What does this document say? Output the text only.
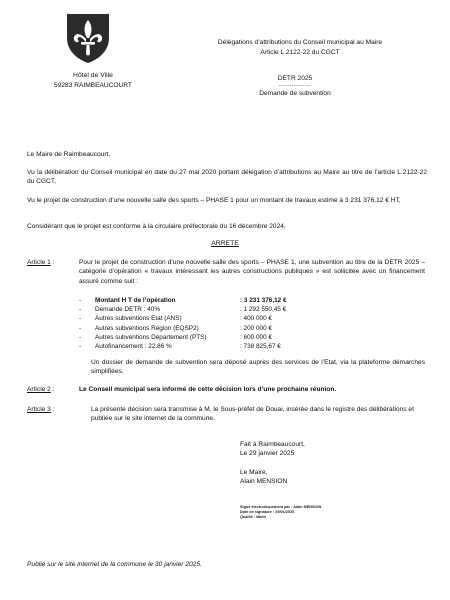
Hôtel de Ville
59283 RAIMBEAUCOURT
Délégations d’attributions du Conseil municipal au Maire
Article L 2122-22 du CGCT
DETR 2025
---------------
Demande de subvention
Le Maire de Raimbeaucourt,
Vu la délibération du Conseil municipal en date du 27 mai 2020 portant délégation d’attributions au Maire au titre de l’article L.2122-22 du CGCT,
Vu le projet de construction d’une nouvelle salle des sports – PHASE 1 pour un montant de travaux estimé à 3 231 376,12 € HT,
Considérant que le projet est conforme à la circulaire préfectorale du 16 décembre 2024,
ARRETE
Article 1 :	Pour le projet de construction d’une nouvelle salle des sports – PHASE 1, une subvention au titre de la DETR 2025 – catégorie d’opération « travaux intéressant les autres constructions publiques » est sollicitée avec un financement assuré comme suit :
-	Montant H T de l’opération	: 3 231 376,12 €
-	Demande DETR : 40%	: 1 292 550,45 €
-	Autres subventions Etat (ANS)	: 400 000 €
-	Autres subventions Région (EQSP2)	: 200 000 €
-	Autres subventions Département (PTS)	: 600 000 €
-	Autofinancement : 22.86 %	: 738 825,67 €
Un dossier de demande de subvention sera déposé auprès des services de l’Etat, via la plateforme démarches simplifiées.
Article 2 :	Le Conseil municipal sera informé de cette décision lors d’une prochaine réunion.
Article 3 :	La présente décision sera transmise à M. le Sous-préfet de Douai, insérée dans le registre des délibérations et publiée sur le site internet de la commune.
Fait à Raimbeaucourt,
Le 29 janvier 2025
Le Maire,
Alain MENSION
Signé électroniquement par : Alain MENSION
Date de signature : 29/01/2025
Qualité : Maire
Publié sur le site internet de la commune le 30 janvier 2025.
